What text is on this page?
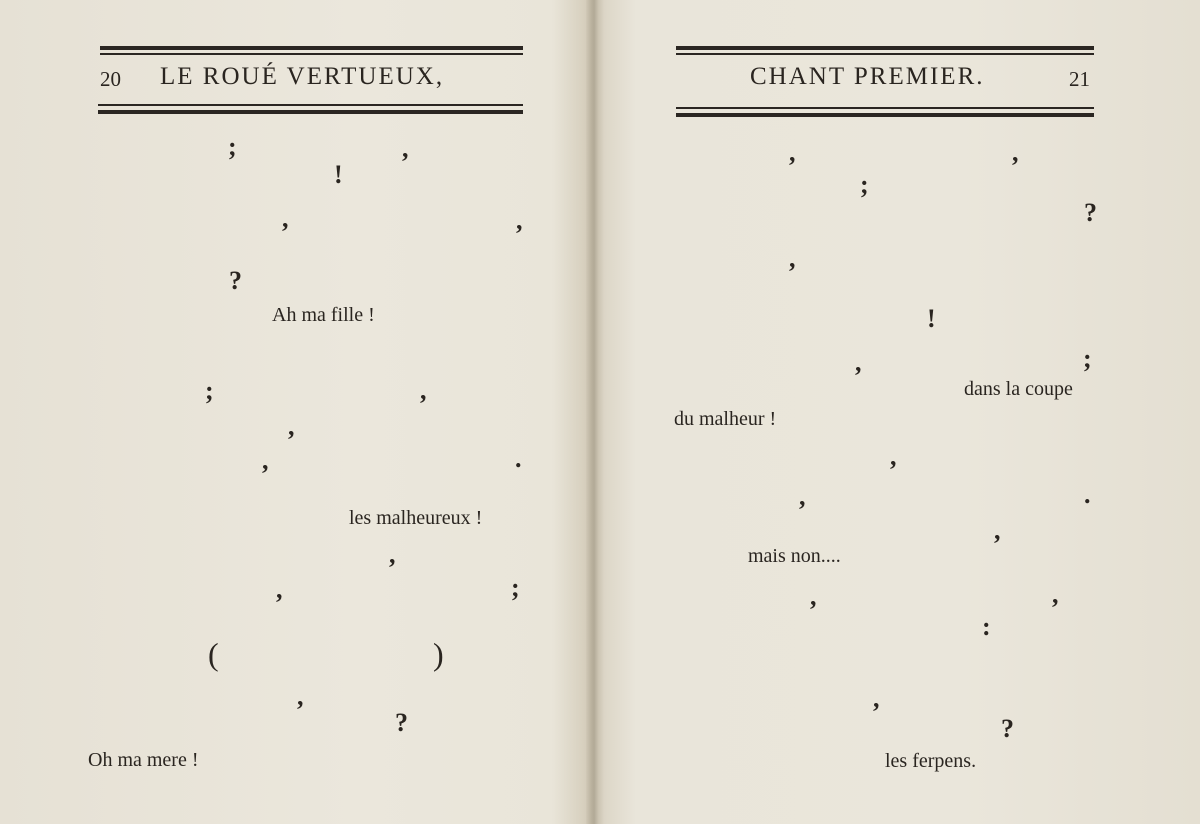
20 LE ROUÉ VERTUEUX,
;	,
!
,	,
?
Ah ma fille !
;	,
,
,	.
les malheureux !
,
,	;
(	)
,
?
Oh ma mere !
CHANT PREMIER.	21
,	,
;
?
,
!
,	;
dans la coupe
du malheur !
,
,	.
,
mais non....
,	,
:
,
?
les ferpens.
